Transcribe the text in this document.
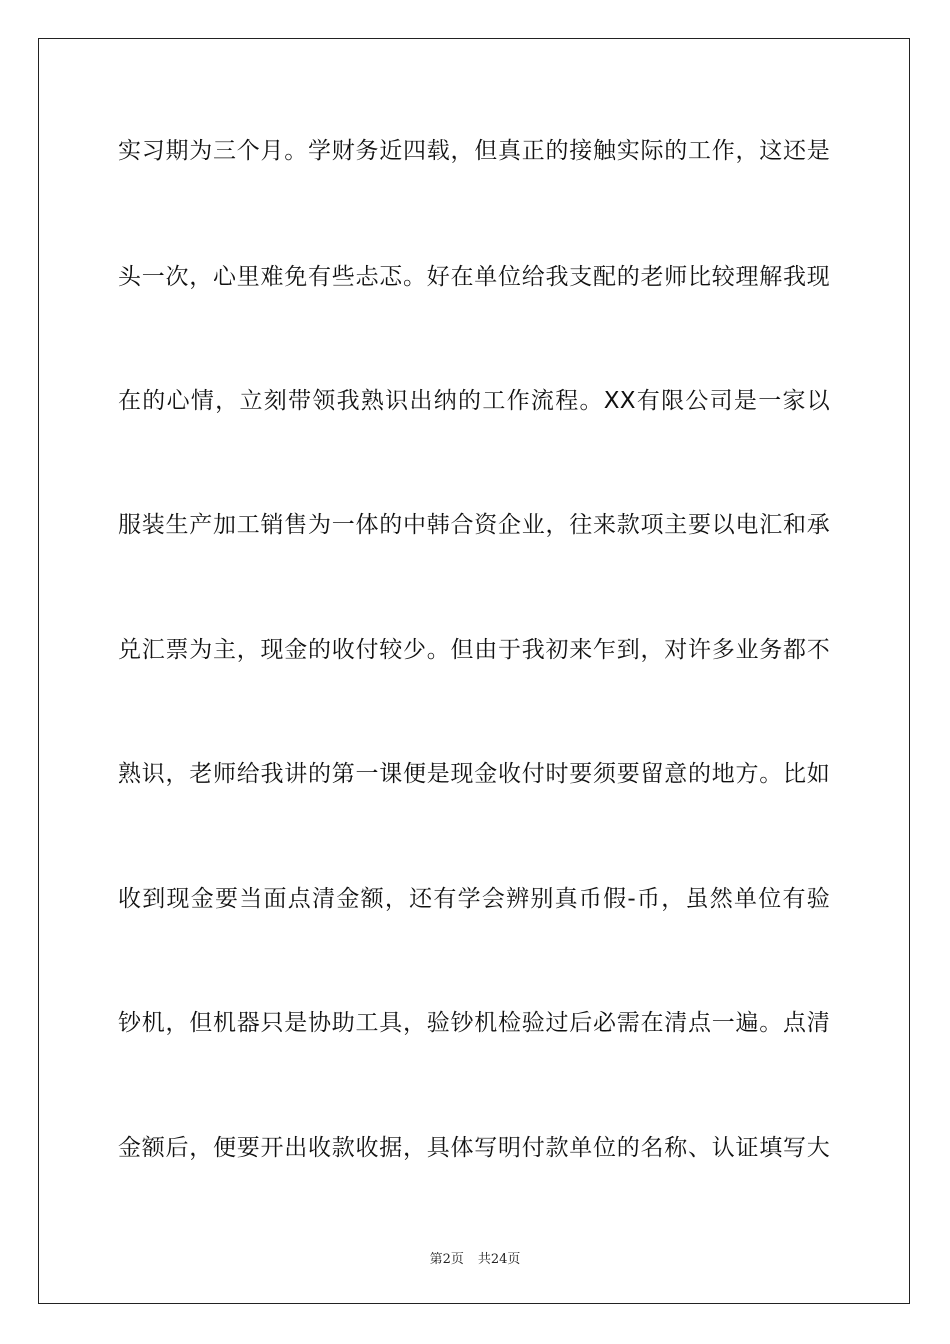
实习期为三个月。学财务近四载，但真正的接触实际的工作，这还是
头一次，心里难免有些忐忑。好在单位给我支配的老师比较理解我现
在的心情，立刻带领我熟识出纳的工作流程。XX有限公司是一家以
服装生产加工销售为一体的中韩合资企业，往来款项主要以电汇和承
兑汇票为主，现金的收付较少。但由于我初来乍到，对许多业务都不
熟识，老师给我讲的第一课便是现金收付时要须要留意的地方。比如
收到现金要当面点清金额，还有学会辨别真币假-币，虽然单位有验
钞机，但机器只是协助工具，验钞机检验过后必需在清点一遍。点清
金额后，便要开出收款收据，具体写明付款单位的名称、认证填写大
第2页 共24页
